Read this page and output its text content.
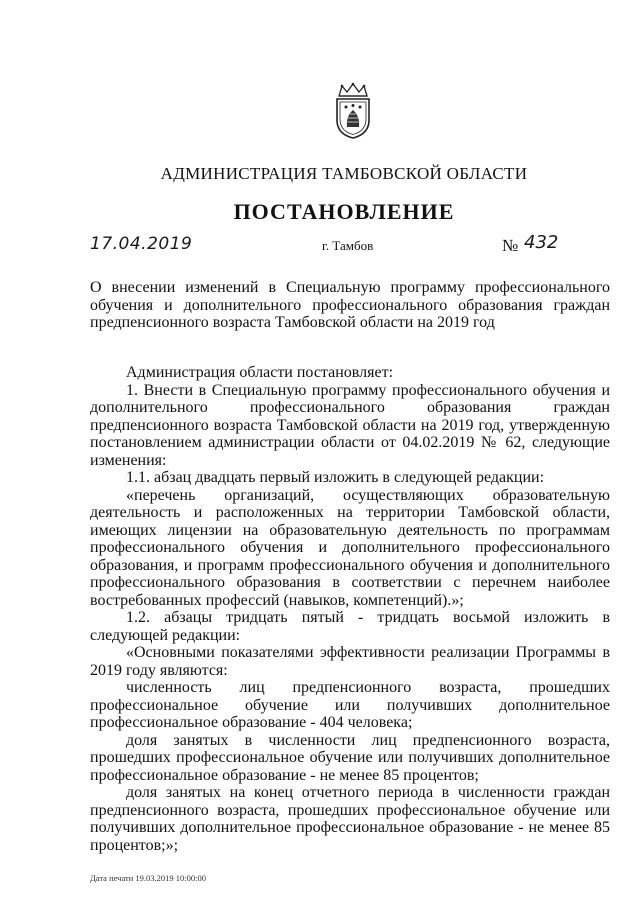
АДМИНИСТРАЦИЯ ТАМБОВСКОЙ ОБЛАСТИ
ПОСТАНОВЛЕНИЕ
17.04.2019	г. Тамбов	№ 432
О внесении изменений в Специальную программу профессионального обучения и дополнительного профессионального образования граждан предпенсионного возраста Тамбовской области на 2019 год

Администрация области постановляет:

1. Внести в Специальную программу профессионального обучения и дополнительного профессионального образования граждан предпенсионного возраста Тамбовской области на 2019 год, утвержденную постановлением администрации области от 04.02.2019 № 62, следующие изменения:

1.1. абзац двадцать первый изложить в следующей редакции:

«перечень организаций, осуществляющих образовательную деятельность и расположенных на территории Тамбовской области, имеющих лицензии на образовательную деятельность по программам профессионального обучения и дополнительного профессионального образования, и программ профессионального обучения и дополнительного профессионального образования в соответствии с перечнем наиболее востребованных профессий (навыков, компетенций).»;

1.2. абзацы тридцать пятый - тридцать восьмой изложить в следующей редакции:

«Основными показателями эффективности реализации Программы в 2019 году являются:

численность лиц предпенсионного возраста, прошедших профессиональное обучение или получивших дополнительное профессиональное образование - 404 человека;

доля занятых в численности лиц предпенсионного возраста, прошедших профессиональное обучение или получивших дополнительное профессиональное образование - не менее 85 процентов;

доля занятых на конец отчетного периода в численности граждан предпенсионного возраста, прошедших профессиональное обучение или получивших дополнительное профессиональное образование - не менее 85 процентов;»;

Дата печати 19.03.2019 10:00:00
